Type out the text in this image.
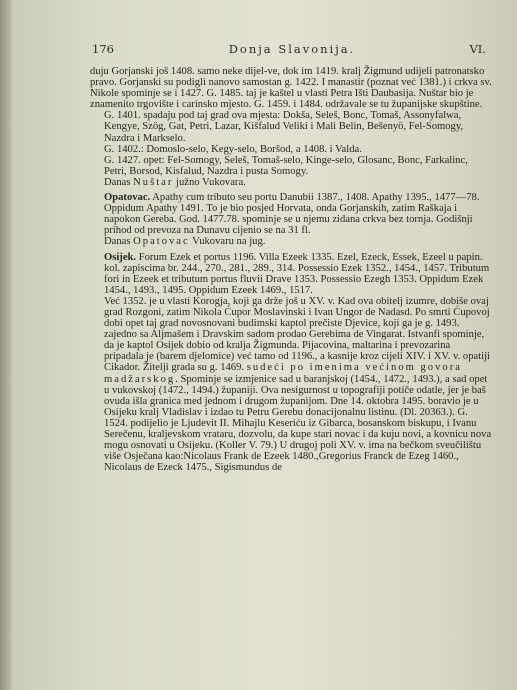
176	Donja Slavonija.	VI.

duju Gorjanski još 1408. samo neke dijel-ve, dok im 1419. kralj Žigmund udijeli patronatsko pravo. Gorjanski su podigli nanovo samostan g. 1422. I manastir (poznat već 1381.) i crkva sv. Nikole spominje se i 1427. G. 1485. taj je kaštel u vlasti Petra Išti Daubasija. Nuštar bio je znamenito trgovište i carinsko mjesto. G. 1459. i 1484. održavale se tu županijske skupštine.

G. 1401. spadaju pod taj grad ova mjesta: Dokša, Seleš, Bonc, Tomaš, Assonyfalwa, Kengye, Szög, Gat, Petri, Lazar, Kišfalud Veliki i Mali Belin, Bešenyö, Fel-Somogy, Nazdra i Markselo.

G. 1402.: Domoslo-selo, Kegy-selo, Boršod, a 1408. i Valda.

G. 1427. opet: Fel-Somogy, Seleš, Tomaš-selo, Kinge-selo, Glosanc, Bonc, Farkalinc, Petri, Borsod, Kisfalud, Nazdra i pusta Somogy.

Danas Nuštar južno Vukovara.

Opatovac. Apathy cum tributo seu portu Danubii 1387., 1408. Apathy 1395., 1477—78. Oppidum Apathy 1491. To je bio posjed Horvata, onda Gorjanskih, zatim Raškaja i napokon Gereba. God. 1477.78. spominje se u njemu zidana crkva bez tornja. Godišnji prihod od prevoza na Dunavu cijenio se na 31 fl.

Danas Opatovac Vukovaru na jug.

Osijek. Forum Ezek et portus 1196. Villa Ezeek 1335. Ezel, Ezeck, Essek, Ezeel u papin. kol. zapiscima br. 244., 270., 281., 289., 314. Possessio Ezek 1352., 1454., 1457. Tributum fori in Ezeek et tributum portus fluvii Drave 1353. Possessio Ezegh 1353. Oppidum Ezek 1454., 1493., 1495. Oppidum Ezeek 1469., 1517.

Već 1352. je u vlasti Korogja, koji ga drže još u XV. v. Kad ova obitelj izumre, dobiše ovaj grad Rozgoni, zatim Nikola Ćupor Moslavinski i Ivan Ungor de Nadasd. Po smrti Ćupovoj dobi opet taj grad novosnovani budimski kaptol prečiste Djevice, koji ga je g. 1493. zajedno sa Aljmašem i Dravskim sadom prodao Gerebima de Vingarat. Istvanfi spominje, da je kaptol Osijek dobio od kralja Žigmunda. Pijacovina, maltarina i prevozarina pripadala je (barem djelomice) već tamo od 1196., a kasnije kroz cijeli XIV. i XV. v. opatiji Cikador. Žitelji grada su g. 1469. sudeći po imenima većinom govora madžarskog. Spominje se izmjenice sad u baranjskoj (1454., 1472., 1493.), a sad opet u vukovskoj (1472., 1494.) županiji. Ova nesigurnost u topografiji potiče odatle, jer je baš ovuda išla granica med jednom i drugom županijom. Dne 14. oktobra 1495. boravio je u Osijeku kralj Vladislav i izdao tu Petru Gerebu donacijonalnu listinu. (Dl. 20363.). G. 1524. podijelio je Ljudevit II. Mihajlu Keseriću iz Gibarca, bosanskom biskupu, i Ivanu Serečenu, kraljevskom vrataru, dozvolu, da kupe stari novac i da kuju novi, a kovnicu nova mogu osnovati u Osijeku. (Koller V. 79.) U drugoj poli XV. v. ima na bečkom sveučilištu više Osječana kao:Nicolaus Frank de Ezeek 1480.,Gregorius Franck de Ezeg 1460., Nicolaus de Ezeck 1475., Sigismundus de
